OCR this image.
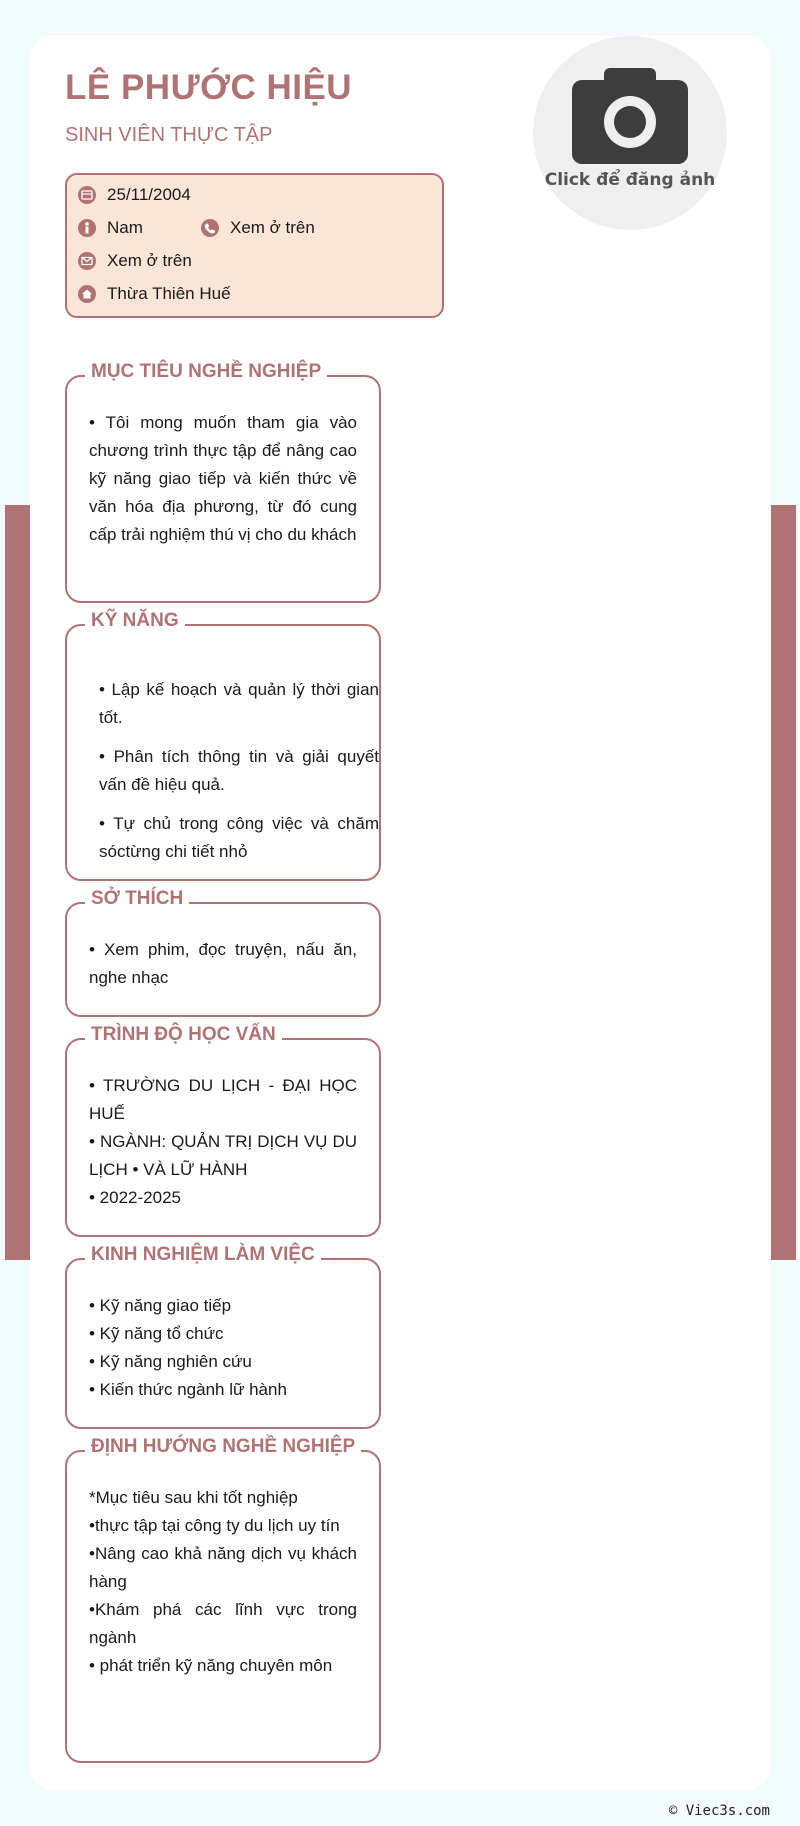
LÊ PHƯỚC HIỆU
SINH VIÊN THỰC TẬP
Click để đăng ảnh
25/11/2004
Nam	Xem ở trên
Xem ở trên
Thừa Thiên Huế
MỤC TIÊU NGHỀ NGHIỆP
• Tôi mong muốn tham gia vào chương trình thực tập để nâng cao kỹ năng giao tiếp và kiến thức về văn hóa địa phương, từ đó cung cấp trải nghiệm thú vị cho du khách
KỸ NĂNG

• Lập kế hoạch và quản lý thời gian tốt.

• Phân tích thông tin và giải quyết vấn đề hiệu quả.

• Tự chủ trong công việc và chăm sóctừng chi tiết nhỏ

SỞ THÍCH
• Xem phim, đọc truyện, nấu ăn, nghe nhạc
TRÌNH ĐỘ HỌC VẤN

• TRƯỜNG DU LỊCH - ĐẠI HỌC HUẾ

• NGÀNH: QUẢN TRỊ DỊCH VỤ DU LỊCH • VÀ LỮ HÀNH

• 2022-2025

KINH NGHIỆM LÀM VIỆC

• Kỹ năng giao tiếp

• Kỹ năng tổ chức

• Kỹ năng nghiên cứu

• Kiến thức ngành lữ hành

ĐỊNH HƯỚNG NGHỀ NGHIỆP

*Mục tiêu sau khi tốt nghiệp

•thực tập tại công ty du lịch uy tín

•Nâng cao khả năng dịch vụ khách hàng

•Khám phá các lĩnh vực trong ngành

• phát triển kỹ năng chuyên môn

© Viec3s.com
